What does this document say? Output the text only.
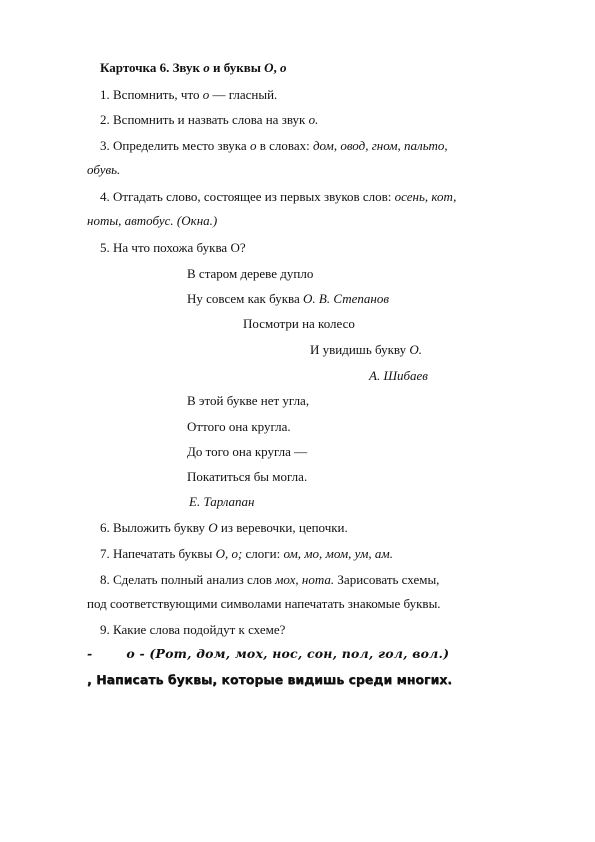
Карточка 6. Звук о и буквы О, о
1. Вспомнить, что о — гласный.
2. Вспомнить и назвать слова на звук о.
3. Определить место звука о в словах: дом, овод, гном, пальто,
обувь.
4. Отгадать слово, состоящее из первых звуков слов: осень, кот,
ноты, автобус. (Окна.)
5. На что похожа буква О?
В старом дереве дупло
Ну совсем как буква О. В. Степанов
Посмотри на колесо
И увидишь букву О.
А. Шибаев
В этой букве нет угла,
Оттого она кругла.
До того она кругла —
Покатиться бы могла.
Е. Тарлапан
6. Выложить букву О из веревочки, цепочки.
7. Напечатать буквы О, о; слоги: ом, мо, мом, ум, ам.
8. Сделать полный анализ слов мох, нота. Зарисовать схемы,
под соответствующими символами напечатать знакомые буквы.
9. Какие слова подойдут к схеме?
-	о - (Рот, дом, мох, нос, сон, пол, гол, вол.)
, Написать буквы, которые видишь среди многих.
